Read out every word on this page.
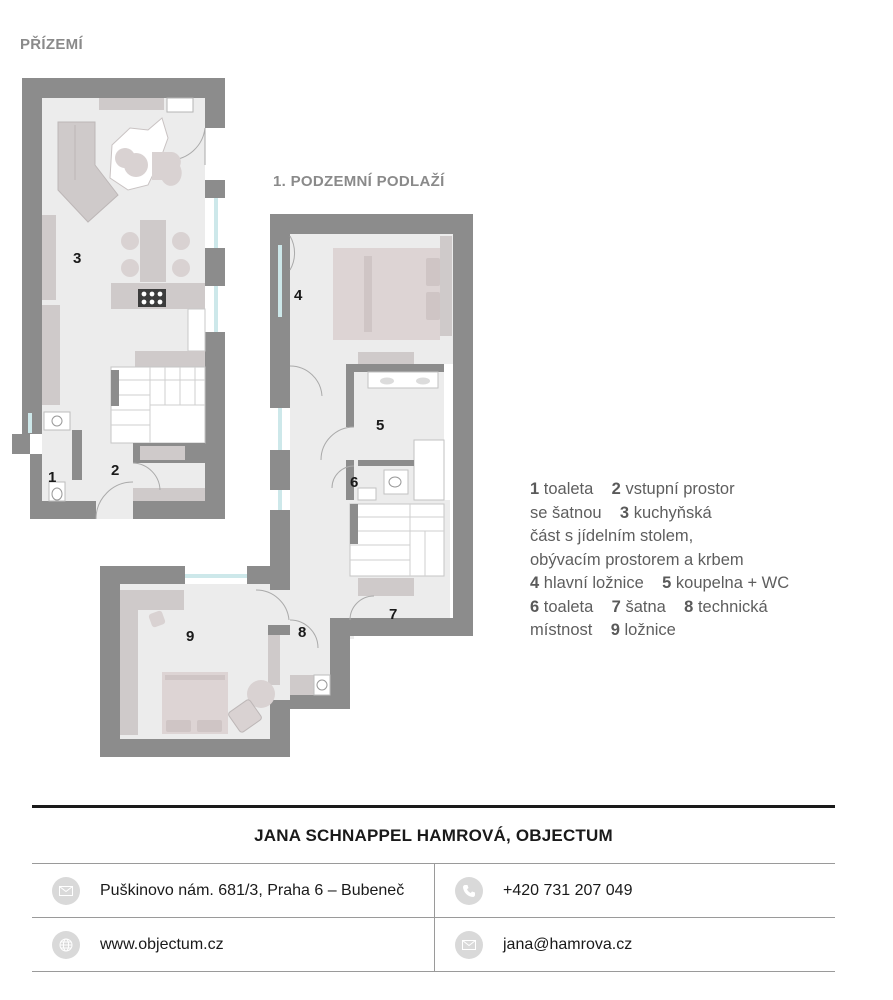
PŘÍZEMÍ
1. PODZEMNÍ PODLAŽÍ
1	2
3
4
5
6
7
8
9
1 toaleta 2 vstupní prostor
se šatnou 3 kuchyňská
část s jídelním stolem,
obývacím prostorem a krbem
4 hlavní ložnice 5 koupelna + WC
6 toaleta 7 šatna 8 technická
místnost 9 ložnice
JANA SCHNAPPEL HAMROVÁ, OBJECTUM
Puškinovo nám. 681/3, Praha 6 – Bubeneč	+420 731 207 049
www.objectum.cz	jana@hamrova.cz
